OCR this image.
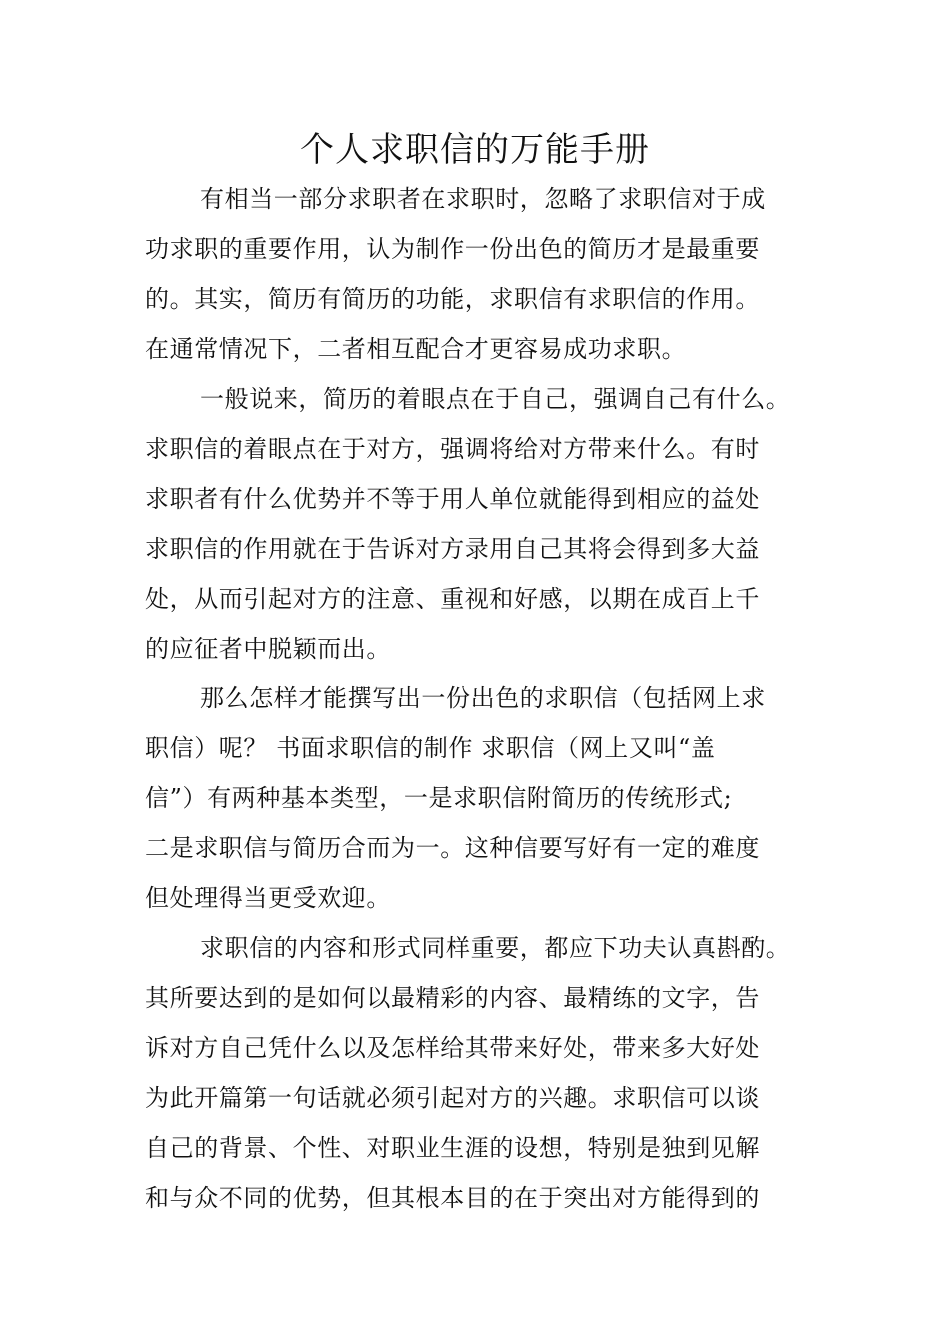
个人求职信的万能手册
有相当一部分求职者在求职时，忽略了求职信对于成
功求职的重要作用，认为制作一份出色的简历才是最重要
的。其实，简历有简历的功能，求职信有求职信的作用。
在通常情况下，二者相互配合才更容易成功求职。
一般说来，简历的着眼点在于自己，强调自己有什么。
求职信的着眼点在于对方，强调将给对方带来什么。有时
求职者有什么优势并不等于用人单位就能得到相应的益处
求职信的作用就在于告诉对方录用自己其将会得到多大益
处，从而引起对方的注意、重视和好感，以期在成百上千
的应征者中脱颖而出。
那么怎样才能撰写出一份出色的求职信（包括网上求
职信）呢？ 书面求职信的制作 求职信（网上又叫“盖
信”）有两种基本类型，一是求职信附简历的传统形式;
二是求职信与简历合而为一。这种信要写好有一定的难度
但处理得当更受欢迎。
求职信的内容和形式同样重要，都应下功夫认真斟酌。
其所要达到的是如何以最精彩的内容、最精练的文字，告
诉对方自己凭什么以及怎样给其带来好处，带来多大好处
为此开篇第一句话就必须引起对方的兴趣。求职信可以谈
自己的背景、个性、对职业生涯的设想，特别是独到见解
和与众不同的优势，但其根本目的在于突出对方能得到的
